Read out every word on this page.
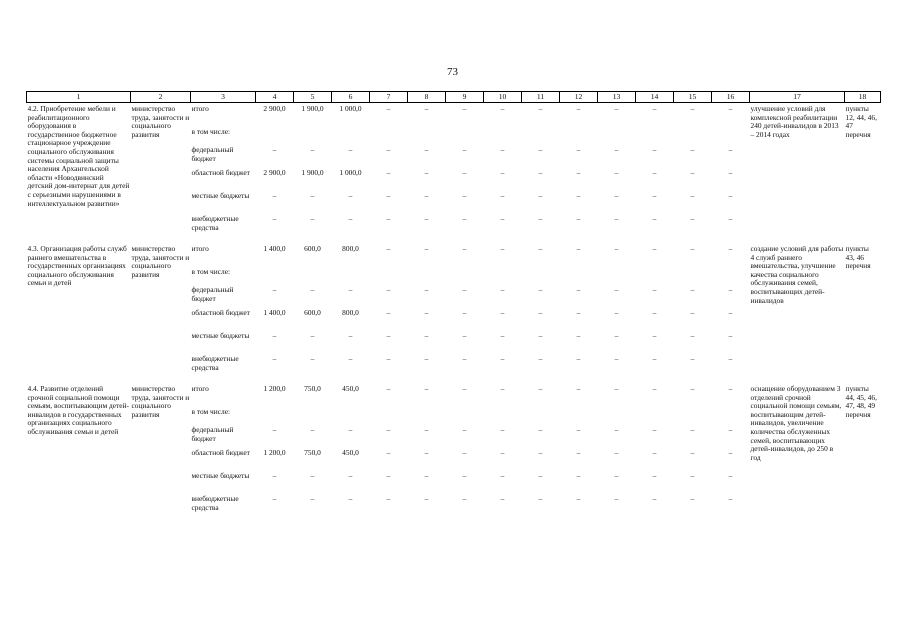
73
1	2	3	4	5	6	7	8	9	10	11	12	13	14	15	16	17	18
4.2. Приобретение мебели и реабилитационного оборудования в государственное бюджетное стационарное учреждение социального обслуживания системы социальной защиты населения Архангельской области «Новодвинский детский дом-интернат для детей с серьезными нарушениями в интеллектуальном развитии»	министерство труда, занятости и социального развития	итого	2 900,0	1 900,0	1 000,0	–	–	–	–	–	–	–	–	–	–	улучшение условий для комплексной реабилитации 240 детей-инвалидов в 2013 – 2014 годах	пункты 12, 44, 46, 47 перечня
		в том числе:															
		федеральный бюджет	–	–	–	–	–	–	–	–	–	–	–	–	–		
		областной бюджет	2 900,0	1 900,0	1 000,0	–	–	–	–	–	–	–	–	–	–		
		местные бюджеты	–	–	–	–	–	–	–	–	–	–	–	–	–		
		внебюджетные средства	–	–	–	–	–	–	–	–	–	–	–	–	–		
4.3. Организация работы служб раннего вмешательства в государственных организациях социального обслуживания семьи и детей	министерство труда, занятости и социального развития	итого	1 400,0	600,0	800,0	–	–	–	–	–	–	–	–	–	–	создание условий для работы 4 служб раннего вмешательства, улучшение качества социального обслуживания семей, воспитывающих детей-инвалидов	пункты 43, 46 перечня
		в том числе:															
		федеральный бюджет	–	–	–	–	–	–	–	–	–	–	–	–	–		
		областной бюджет	1 400,0	600,0	800,0	–	–	–	–	–	–	–	–	–	–		
		местные бюджеты	–	–	–	–	–	–	–	–	–	–	–	–	–		
		внебюджетные средства	–	–	–	–	–	–	–	–	–	–	–	–	–		
4.4. Развитие отделений срочной социальной помощи семьям, воспитывающим детей-инвалидов в государственных организациях социального обслуживания семьи и детей	министерство труда, занятости и социального развития	итого	1 200,0	750,0	450,0	–	–	–	–	–	–	–	–	–	–	оснащение оборудованием 3 отделений срочной социальной помощи семьям, воспитывающим детей-инвалидов, увеличение количества обслуженных семей, воспитывающих детей-инвалидов, до 250 в год	пункты 44, 45, 46, 47, 48, 49 перечня
		в том числе:															
		федеральный бюджет	–	–	–	–	–	–	–	–	–	–	–	–	–		
		областной бюджет	1 200,0	750,0	450,0	–	–	–	–	–	–	–	–	–	–		
		местные бюджеты	–	–	–	–	–	–	–	–	–	–	–	–	–		
		внебюджетные средства	–	–	–	–	–	–	–	–	–	–	–	–	–		
